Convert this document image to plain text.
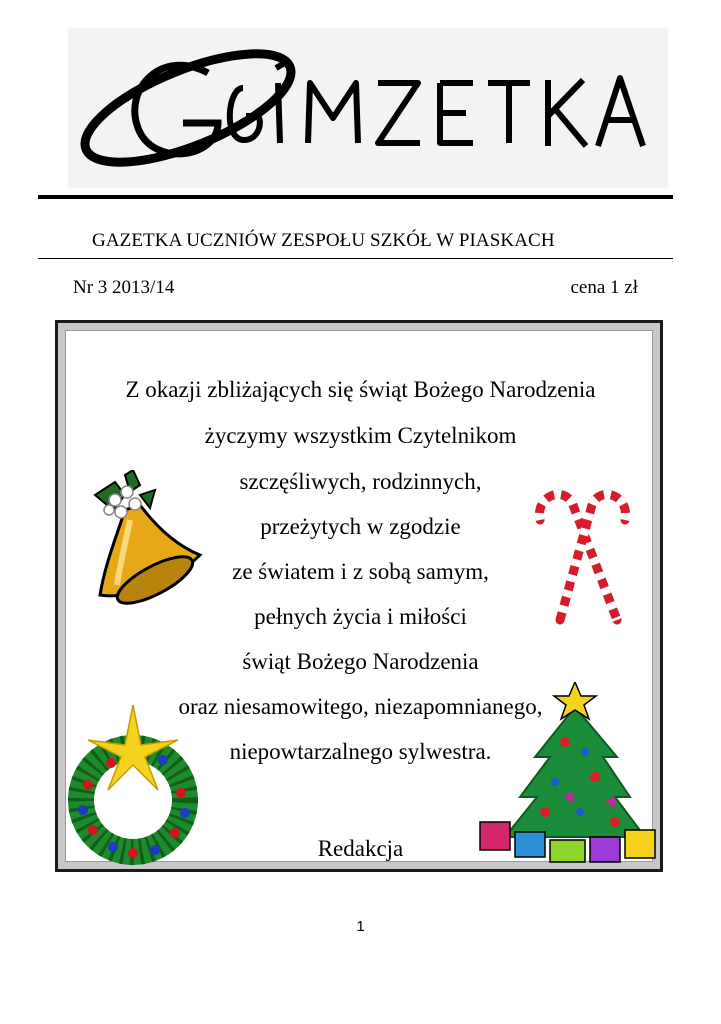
GAZETKA UCZNIÓW ZESPOŁU SZKÓŁ W PIASKACH
Nr 3 2013/14	cena 1 zł
Z okazji zbliżających się świąt Bożego Narodzenia
życzymy wszystkim Czytelnikom
szczęśliwych, rodzinnych,
przeżytych w zgodzie
ze światem i z sobą samym,
pełnych życia i miłości
świąt Bożego Narodzenia
oraz niesamowitego, niezapomnianego,
niepowtarzalnego sylwestra.
Redakcja
1
